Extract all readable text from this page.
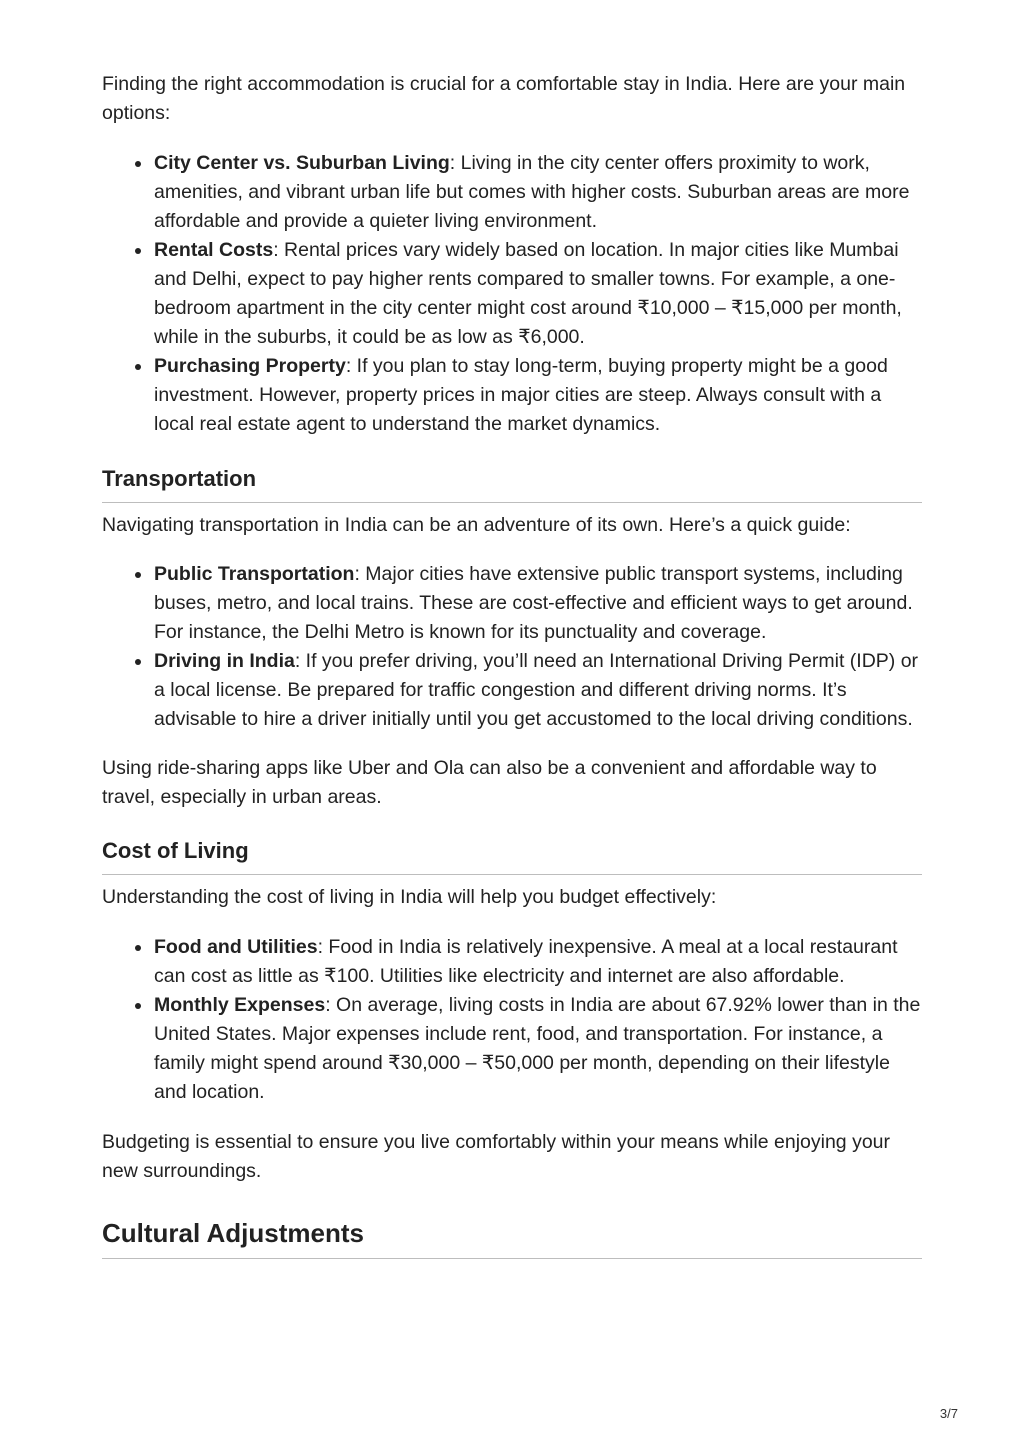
Finding the right accommodation is crucial for a comfortable stay in India. Here are your main options:

City Center vs. Suburban Living: Living in the city center offers proximity to work, amenities, and vibrant urban life but comes with higher costs. Suburban areas are more affordable and provide a quieter living environment.
Rental Costs: Rental prices vary widely based on location. In major cities like Mumbai and Delhi, expect to pay higher rents compared to smaller towns. For example, a one-bedroom apartment in the city center might cost around ₹10,000 – ₹15,000 per month, while in the suburbs, it could be as low as ₹6,000.
Purchasing Property: If you plan to stay long-term, buying property might be a good investment. However, property prices in major cities are steep. Always consult with a local real estate agent to understand the market dynamics.
Transportation

Navigating transportation in India can be an adventure of its own. Here’s a quick guide:

Public Transportation: Major cities have extensive public transport systems, including buses, metro, and local trains. These are cost-effective and efficient ways to get around. For instance, the Delhi Metro is known for its punctuality and coverage.
Driving in India: If you prefer driving, you’ll need an International Driving Permit (IDP) or a local license. Be prepared for traffic congestion and different driving norms. It’s advisable to hire a driver initially until you get accustomed to the local driving conditions.

Using ride-sharing apps like Uber and Ola can also be a convenient and affordable way to travel, especially in urban areas.

Cost of Living

Understanding the cost of living in India will help you budget effectively:

Food and Utilities: Food in India is relatively inexpensive. A meal at a local restaurant can cost as little as ₹100. Utilities like electricity and internet are also affordable.
Monthly Expenses: On average, living costs in India are about 67.92% lower than in the United States. Major expenses include rent, food, and transportation. For instance, a family might spend around ₹30,000 – ₹50,000 per month, depending on their lifestyle and location.

Budgeting is essential to ensure you live comfortably within your means while enjoying your new surroundings.

Cultural Adjustments
3/7
